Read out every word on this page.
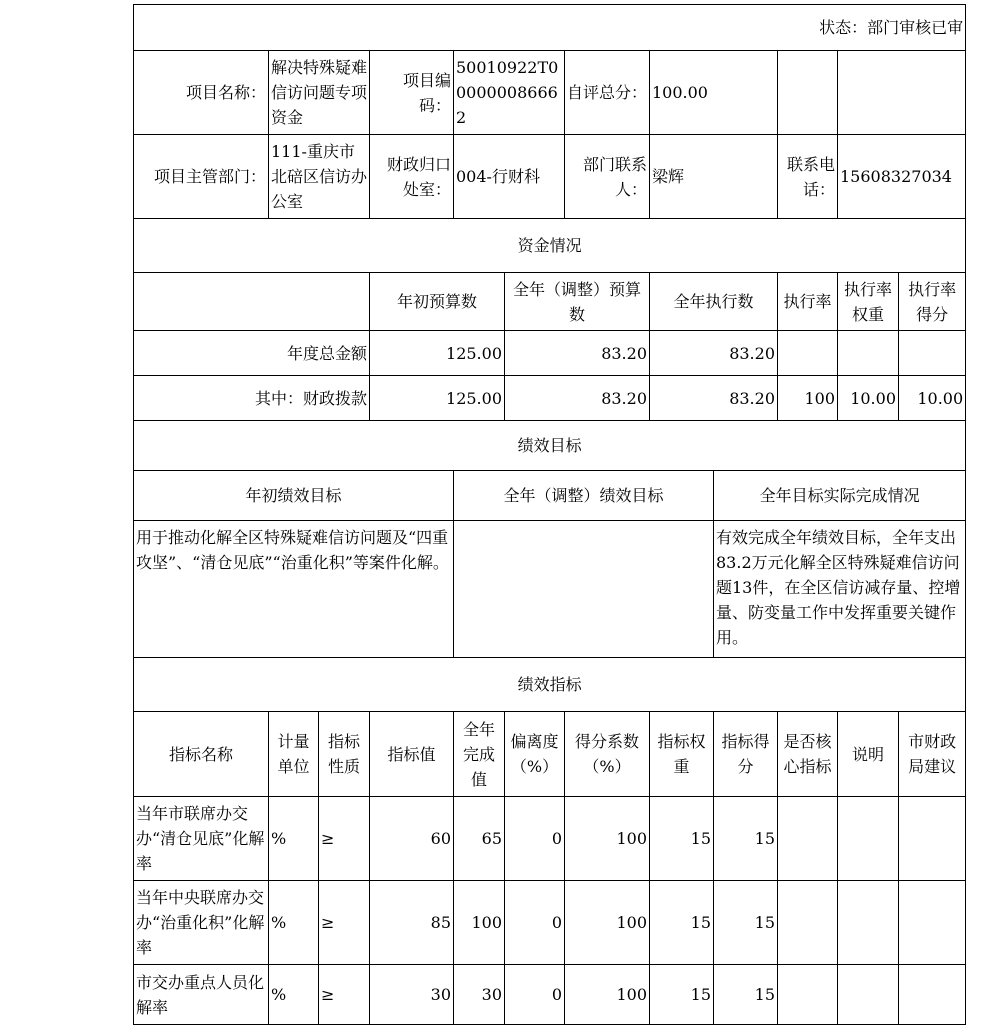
状态：部门审核已审											
项目名称：	解决特殊疑难信访问题专项资金		项目编码：	50010922T000000086662		自评总分：	100.00				
项目主管部门：	111-重庆市北碚区信访办公室		财政归口处室：	004-行财科		部门联系人：	梁辉		联系电话：	15608327034	
资金情况											
			年初预算数		全年（调整）预算数		全年执行数		执行率	执行率权重	执行率得分
年度总金额			125.00		83.20		83.20				
其中：财政拨款			125.00		83.20		83.20		100	10.00	10.00
绩效目标											
年初绩效目标				全年（调整）绩效目标				全年目标实际完成情况			
用于推动化解全区特殊疑难信访问题及“四重攻坚”、“清仓见底”“治重化积”等案件化解。								有效完成全年绩效目标，全年支出83.2万元化解全区特殊疑难信访问题13件，在全区信访减存量、控增量、防变量工作中发挥重要关键作用。			
绩效指标											
指标名称	计量单位	指标性质	指标值	全年完成值	偏离度（%）	得分系数（%）	指标权重	指标得分	是否核心指标	说明	市财政局建议
当年市联席办交办“清仓见底”化解率	%	≥	60	65	0	100	15	15			
当年中央联席办交办“治重化积”化解率	%	≥	85	100	0	100	15	15			
市交办重点人员化解率	%	≥	30	30	0	100	15	15			
